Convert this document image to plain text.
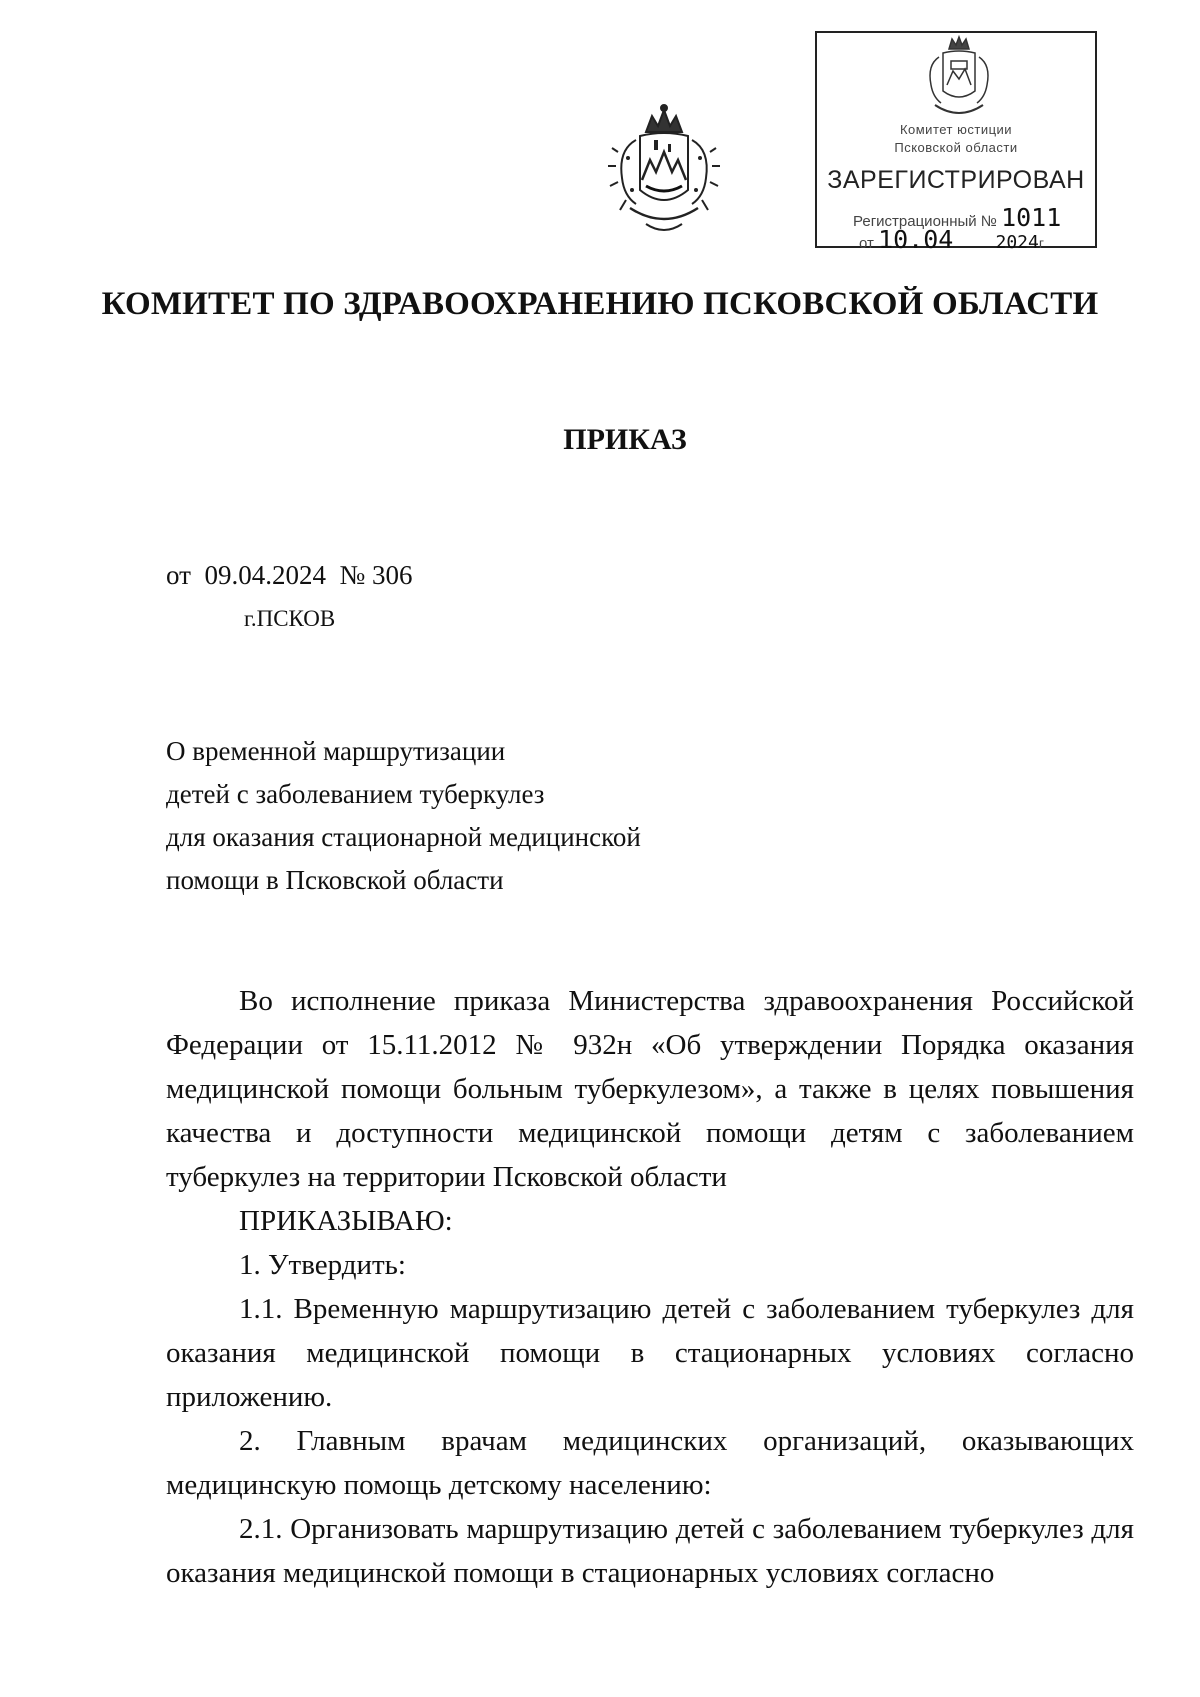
Комитет юстиции
Псковской области
ЗАРЕГИСТРИРОВАН
Регистрационный № 1011
от 10.04 2024г
КОМИТЕТ ПО ЗДРАВООХРАНЕНИЮ ПСКОВСКОЙ ОБЛАСТИ
ПРИКАЗ
от  09.04.2024  № 306
г.ПСКОВ
О временной маршрутизации
детей с заболеванием туберкулез
для оказания стационарной медицинской
помощи в Псковской области

Во исполнение приказа Министерства здравоохранения Российской Федерации от 15.11.2012 № 932н «Об утверждении Порядка оказания медицинской помощи больным туберкулезом», а также в целях повышения качества и доступности медицинской помощи детям с заболеванием туберкулез на территории Псковской области

ПРИКАЗЫВАЮ:

1. Утвердить:

1.1. Временную маршрутизацию детей с заболеванием туберкулез для оказания медицинской помощи в стационарных условиях согласно приложению.

2. Главным врачам медицинских организаций, оказывающих медицинскую помощь детскому населению:

2.1. Организовать маршрутизацию детей с заболеванием туберкулез для оказания медицинской помощи в стационарных условиях согласно
